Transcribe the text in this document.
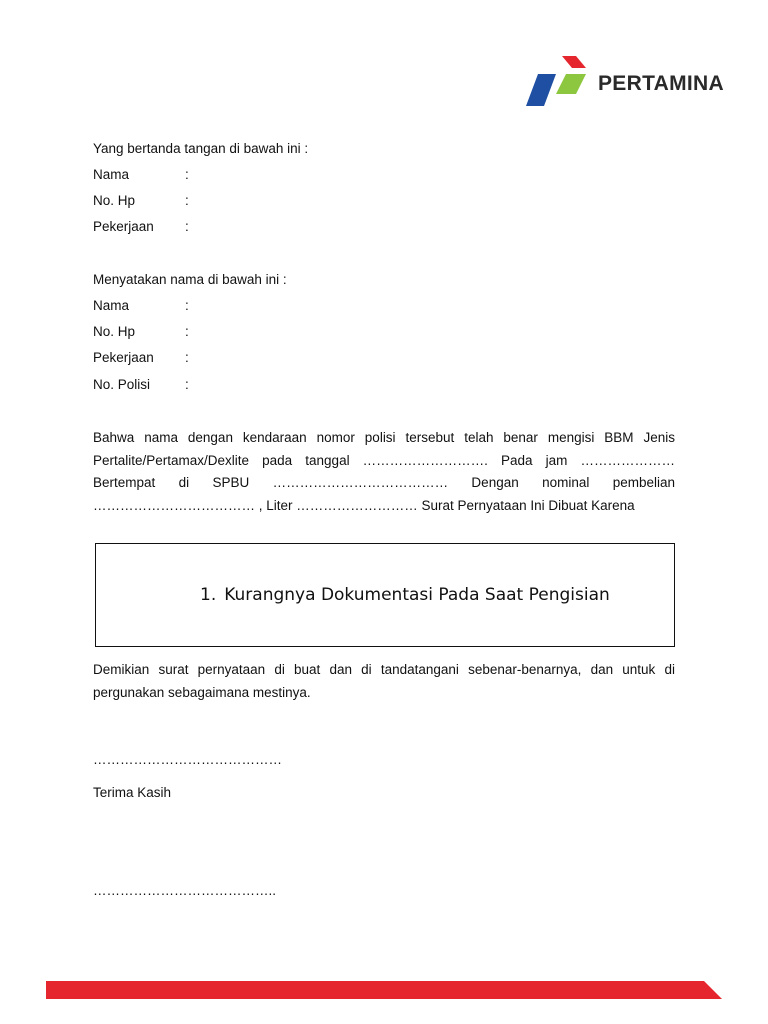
PERTAMINA
Yang bertanda tangan di bawah ini :
Nama	:
No. Hp	:
Pekerjaan :
Menyatakan nama di bawah ini :
Nama	:
No. Hp	:
Pekerjaan :
No. Polisi	:
Bahwa nama dengan kendaraan nomor polisi tersebut telah benar mengisi BBM Jenis
Pertalite/Pertamax/Dexlite pada tanggal ………………………. Pada jam …………………
Bertempat di SPBU ………………………………… Dengan nominal pembelian
……………………………… , Liter ……………………… Surat Pernyataan Ini Dibuat Karena
1. Kurangnya Dokumentasi Pada Saat Pengisian
Demikian surat pernyataan di buat dan di tandatangani sebenar-benarnya, dan untuk di
pergunakan sebagaimana mestinya.
……………………………………
Terima Kasih
…………………………………..
